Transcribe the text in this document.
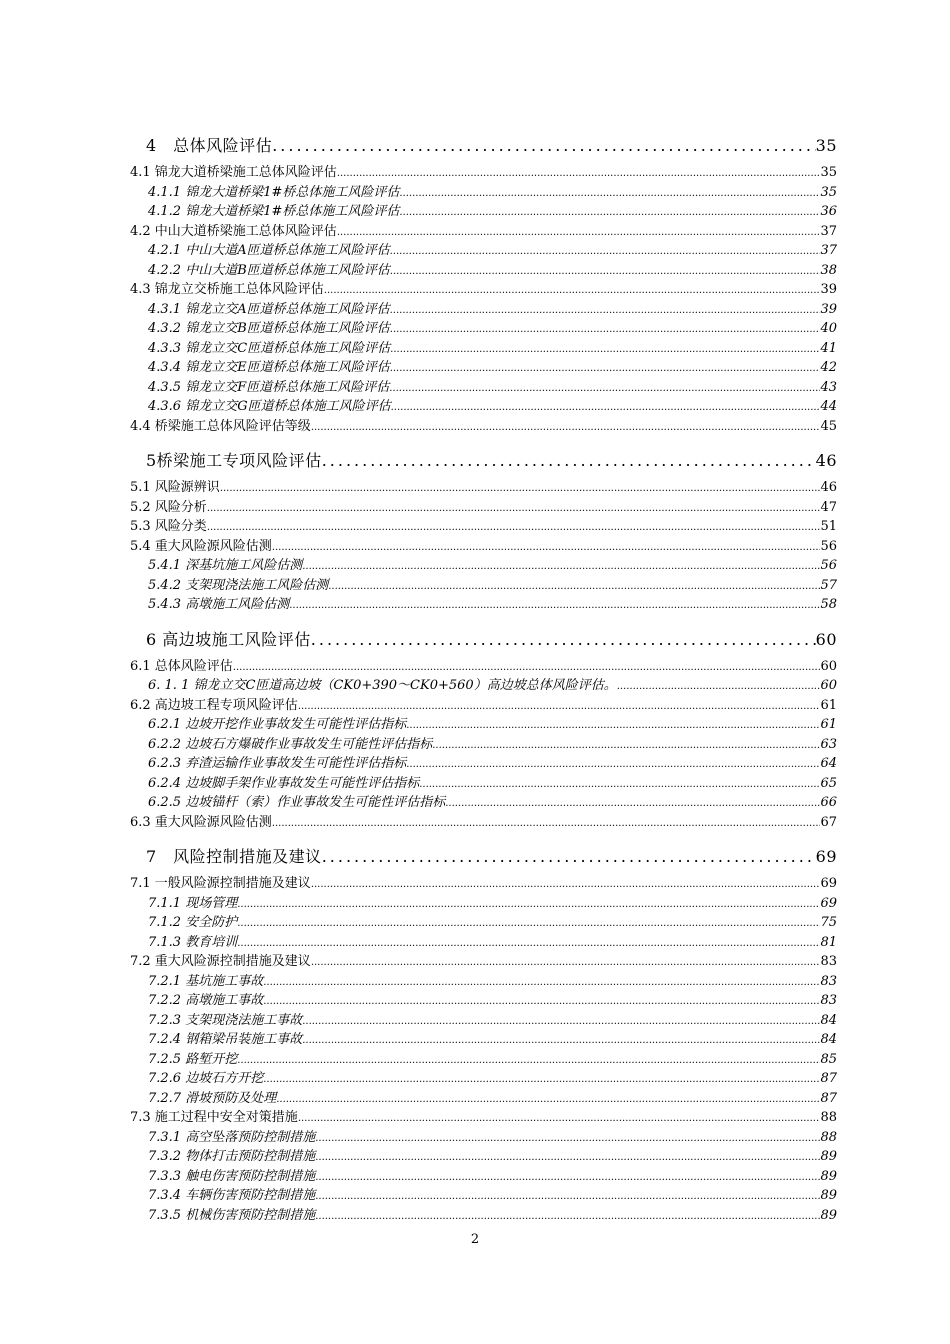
4　总体风险评估 .....	35
4.1 锦龙大道桥梁施工总体风险评估 .....	35
4.1.1 锦龙大道桥梁1#桥总体施工风险评估 .....	35
4.1.2 锦龙大道桥梁1#桥总体施工风险评估 .....	36
4.2 中山大道桥梁施工总体风险评估 .....	37
4.2.1 中山大道A匝道桥总体施工风险评估 .....	37
4.2.2 中山大道B匝道桥总体施工风险评估 .....	38
4.3 锦龙立交桥施工总体风险评估 .....	39
4.3.1 锦龙立交A匝道桥总体施工风险评估 .....	39
4.3.2 锦龙立交B匝道桥总体施工风险评估 .....	40
4.3.3 锦龙立交C匝道桥总体施工风险评估 .....	41
4.3.4 锦龙立交E匝道桥总体施工风险评估 .....	42
4.3.5 锦龙立交F匝道桥总体施工风险评估 .....	43
4.3.6 锦龙立交G匝道桥总体施工风险评估 .....	44
4.4 桥梁施工总体风险评估等级 .....	45
5桥梁施工专项风险评估 .....	46
5.1 风险源辨识 .....	46
5.2 风险分析 .....	47
5.3 风险分类 .....	51
5.4 重大风险源风险估测 .....	56
5.4.1 深基坑施工风险估测 .....	56
5.4.2 支架现浇法施工风险估测 .....	57
5.4.3 高墩施工风险估测 .....	58
6 高边坡施工风险评估 .....	60
6.1 总体风险评估 .....	60
6. 1. 1 锦龙立交C匝道高边坡（CK0+390～CK0+560）高边坡总体风险评估。 .....	60
6.2 高边坡工程专项风险评估 .....	61
6.2.1 边坡开挖作业事故发生可能性评估指标 .....	61
6.2.2 边坡石方爆破作业事故发生可能性评估指标 .....	63
6.2.3 弃渣运输作业事故发生可能性评估指标 .....	64
6.2.4 边坡脚手架作业事故发生可能性评估指标 .....	65
6.2.5 边坡锚杆（索）作业事故发生可能性评估指标 .....	66
6.3 重大风险源风险估测 .....	67
7　风险控制措施及建议 .....	69
7.1 一般风险源控制措施及建议 .....	69
7.1.1 现场管理 .....	69
7.1.2 安全防护 .....	75
7.1.3 教育培训 .....	81
7.2 重大风险源控制措施及建议 .....	83
7.2.1 基坑施工事故 .....	83
7.2.2 高墩施工事故 .....	83
7.2.3 支架现浇法施工事故 .....	84
7.2.4 钢箱梁吊装施工事故 .....	84
7.2.5 路堑开挖 .....	85
7.2.6 边坡石方开挖 .....	87
7.2.7 滑坡预防及处理 .....	87
7.3 施工过程中安全对策措施 .....	88
7.3.1 高空坠落预防控制措施 .....	88
7.3.2 物体打击预防控制措施 .....	89
7.3.3 触电伤害预防控制措施 .....	89
7.3.4 车辆伤害预防控制措施 .....	89
7.3.5 机械伤害预防控制措施 .....	89
2
